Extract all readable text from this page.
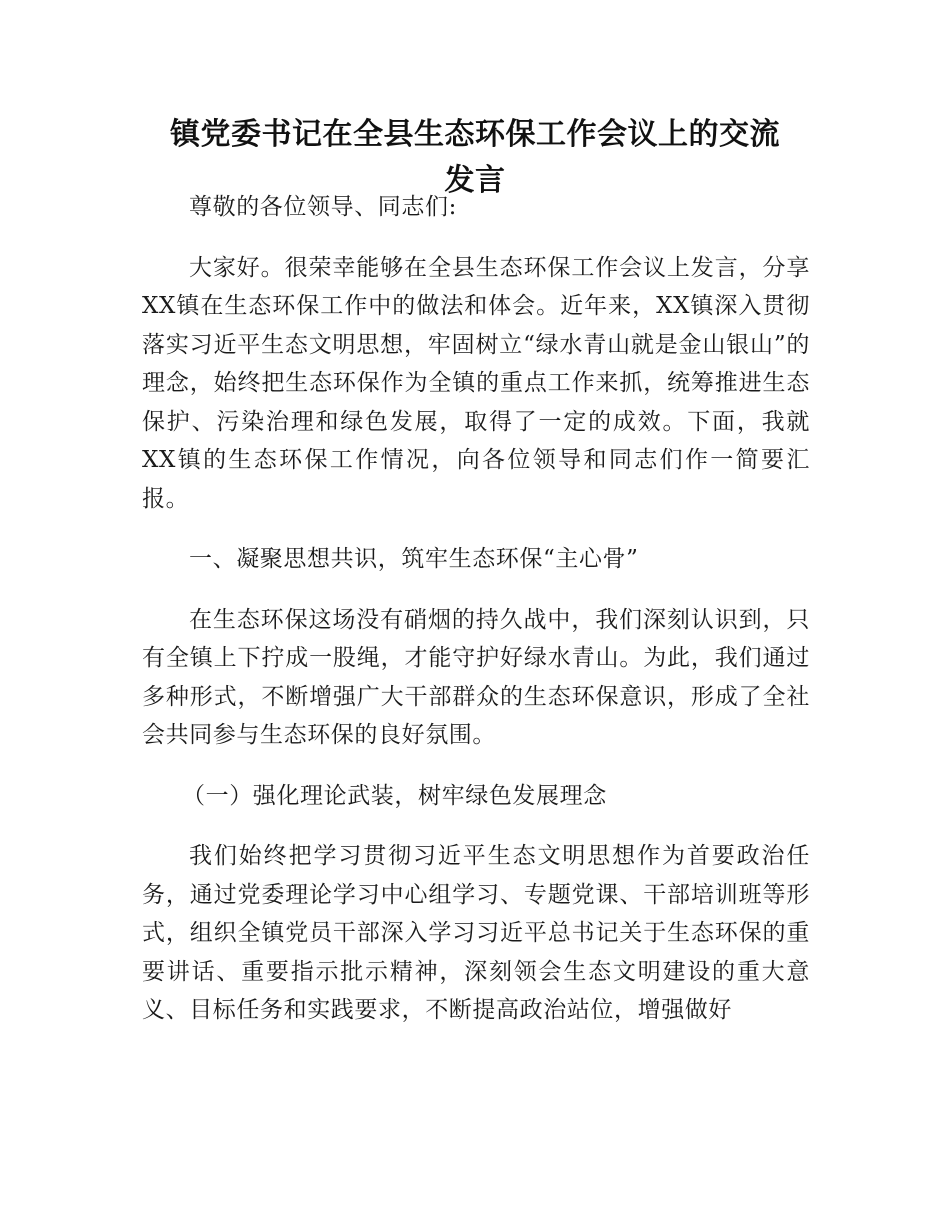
镇党委书记在全县生态环保工作会议上的交流
发言

尊敬的各位领导、同志们:

大家好。很荣幸能够在全县生态环保工作会议上发言，分享XX镇在生态环保工作中的做法和体会。近年来，XX镇深入贯彻落实习近平生态文明思想，牢固树立“绿水青山就是金山银山”的理念，始终把生态环保作为全镇的重点工作来抓，统筹推进生态保护、污染治理和绿色发展，取得了一定的成效。下面，我就XX镇的生态环保工作情况，向各位领导和同志们作一简要汇报。

一、凝聚思想共识，筑牢生态环保“主心骨”

在生态环保这场没有硝烟的持久战中，我们深刻认识到，只有全镇上下拧成一股绳，才能守护好绿水青山。为此，我们通过多种形式，不断增强广大干部群众的生态环保意识，形成了全社会共同参与生态环保的良好氛围。

（一）强化理论武装，树牢绿色发展理念

我们始终把学习贯彻习近平生态文明思想作为首要政治任务，通过党委理论学习中心组学习、专题党课、干部培训班等形式，组织全镇党员干部深入学习习近平总书记关于生态环保的重要讲话、重要指示批示精神，深刻领会生态文明建设的重大意义、目标任务和实践要求，不断提高政治站位，增强做好
